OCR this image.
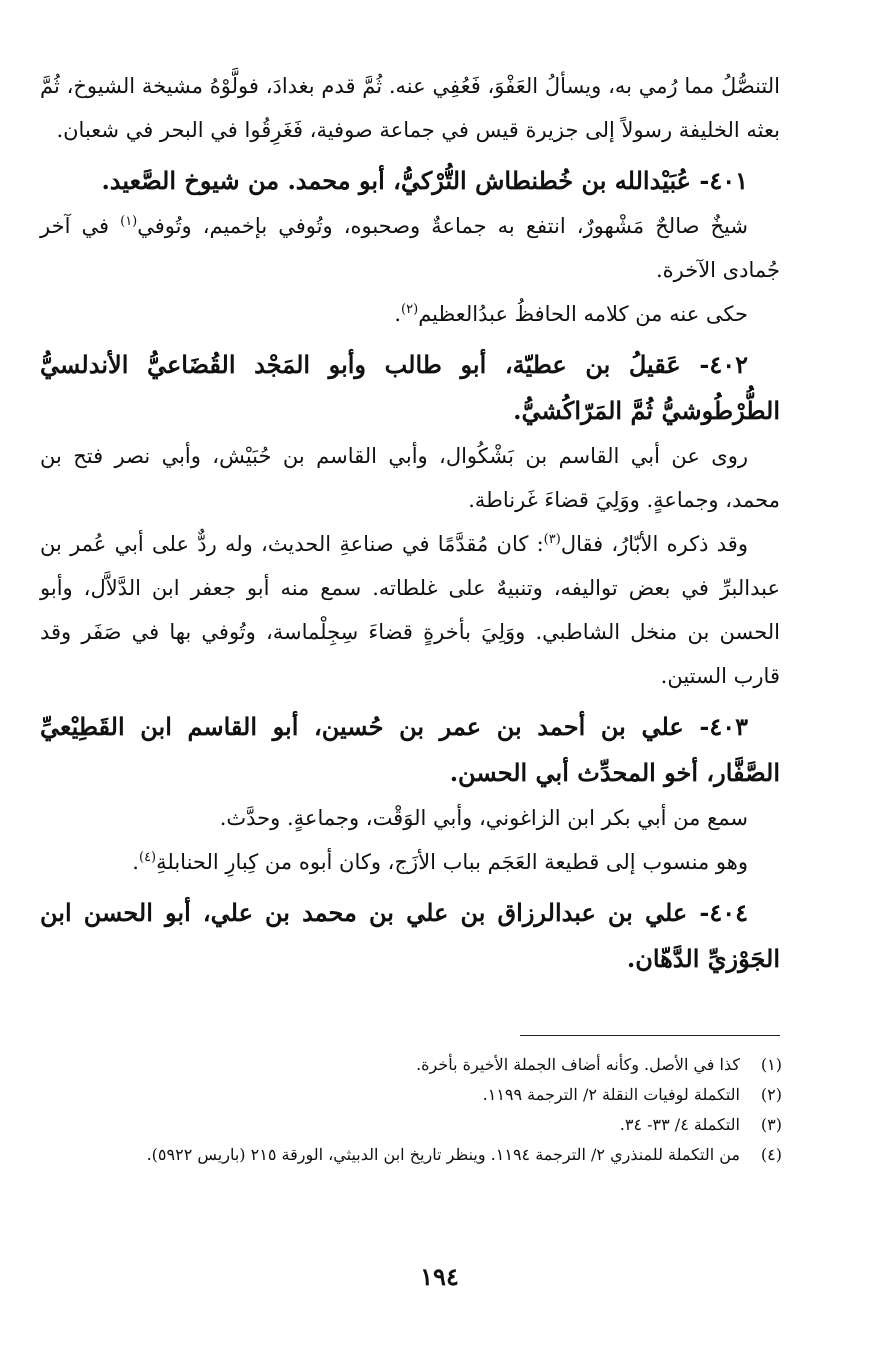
التنصُّلُ مما رُمي به، ويسألُ العَفْوَ، فَعُفِي عنه. ثُمَّ قدم بغدادَ، فولَّوْهُ مشيخة الشيوخ، ثُمَّ بعثه الخليفة رسولاً إلى جزيرة قيس في جماعة صوفية، فَغَرِقُوا في البحر في شعبان.

٤٠١- عُبَيْدالله بن خُطنطاش التُّرْكيُّ، أبو محمد. من شيوخ الصَّعيد.

شيخٌ صالحٌ مَشْهورٌ، انتفع به جماعةٌ وصحبوه، وتُوفي بإخميم، وتُوفي$^{(١)}$ في آخر جُمادى الآخرة.

حكى عنه من كلامه الحافظُ عبدُالعظيم$^{(٢)}$.

٤٠٢- عَقيلُ بن عطيّة، أبو طالب وأبو المَجْد القُضَاعيُّ الأندلسيُّ الطُّرْطُوشيُّ ثُمَّ المَرّاكُشيُّ.

روى عن أبي القاسم بن بَشْكُوال، وأبي القاسم بن حُبَيْش، وأبي نصر فتح بن محمد، وجماعةٍ. ووَلِيَ قضاءَ غَرناطة.

وقد ذكره الأبّارُ، فقال$^{(٣)}$: كان مُقدَّمًا في صناعةِ الحديث، وله ردٌّ على أبي عُمر بن عبدالبرِّ في بعض تواليفه، وتنبيهٌ على غلطاته. سمع منه أبو جعفر ابن الدَّلاَّل، وأبو الحسن بن منخل الشاطبي. ووَلِيَ بأخرةٍ قضاءَ سِجِلْماسة، وتُوفي بها في صَفَر وقد قارب الستين.

٤٠٣- علي بن أحمد بن عمر بن حُسين، أبو القاسم ابن القَطِيْعيِّ الصَّفَّار، أخو المحدِّث أبي الحسن.

سمع من أبي بكر ابن الزاغوني، وأبي الوَقْت، وجماعةٍ. وحدَّث.

وهو منسوب إلى قطيعة العَجَم بباب الأزَج، وكان أبوه من كِبارِ الحنابلةِ$^{(٤)}$.

٤٠٤- علي بن عبدالرزاق بن علي بن محمد بن علي، أبو الحسن ابن الجَوْزيِّ الدَّهّان.

(١)
كذا في الأصل. وكأنه أضاف الجملة الأخيرة بأخرة.
(٢)
التكملة لوفيات النقلة ٢/ الترجمة ١١٩٩.
(٣)
التكملة ٤/ ٣٣- ٣٤.
(٤)
من التكملة للمنذري ٢/ الترجمة ١١٩٤. وينظر تاريخ ابن الدبيثي، الورقة ٢١٥ (باريس ٥٩٢٢).
١٩٤
